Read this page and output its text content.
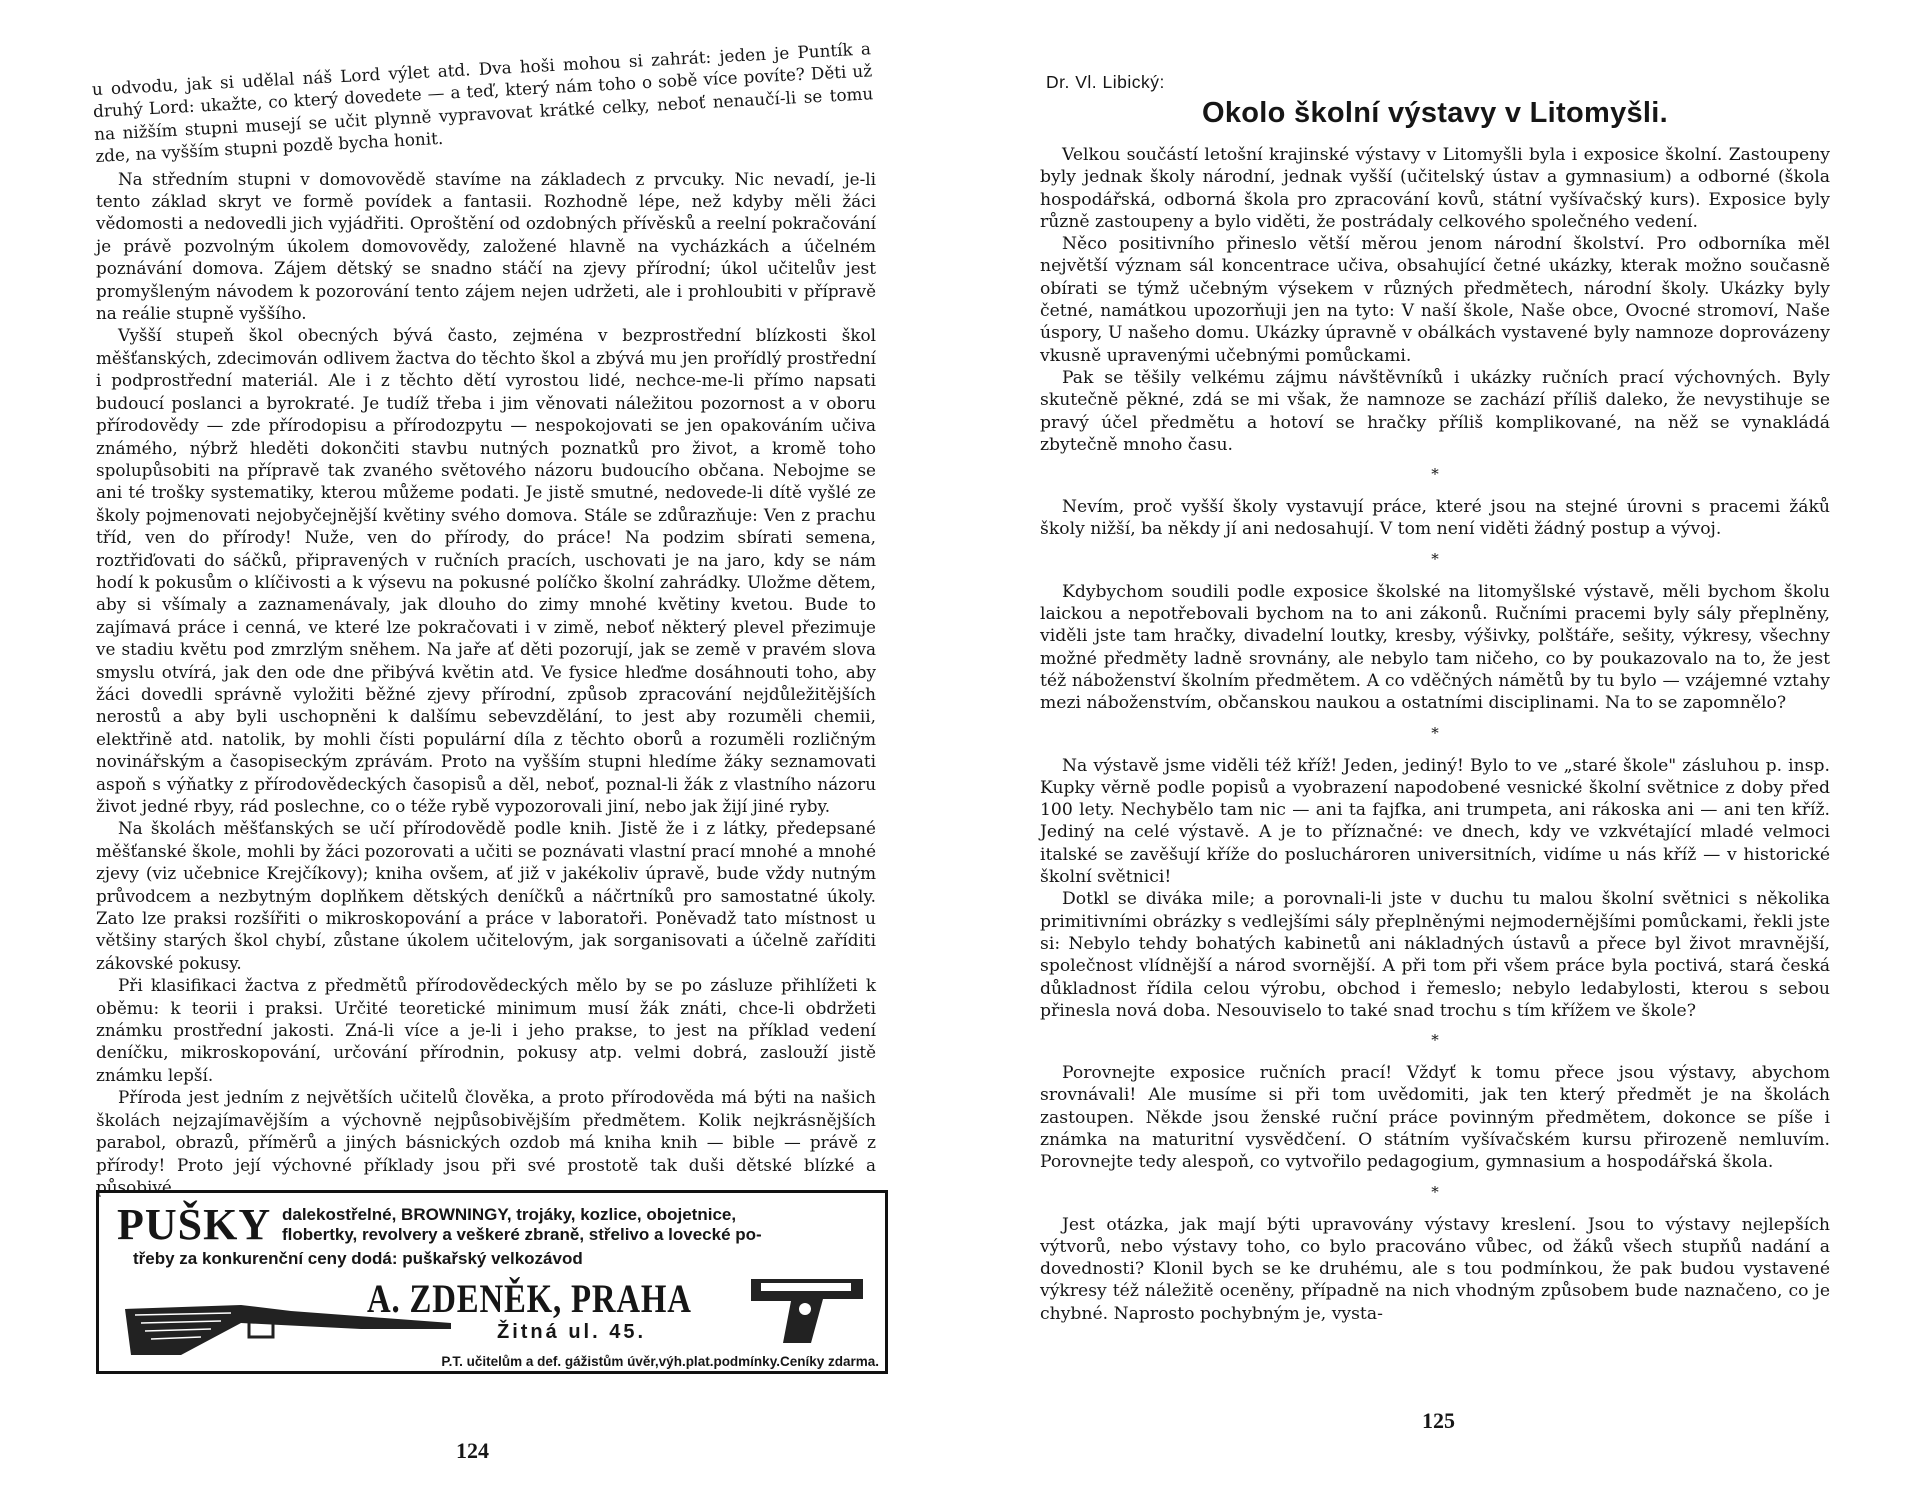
u odvodu, jak si udělal náš Lord výlet atd. Dva hoši mohou si zahrát: jeden je Puntík a druhý Lord: ukažte, co který dovedete — a teď, který nám toho o sobě více povíte? Děti už na nižším stupni musejí se učit plynně vypravovat krátké celky, neboť nenaučí-li se tomu zde, na vyšším stupni pozdě bycha honit.

Na středním stupni v domovovědě stavíme na základech z prvcuky. Nic nevadí, je-li tento základ skryt ve formě povídek a fantasii. Rozhodně lépe, než kdyby měli žáci vědomosti a nedovedli jich vyjádřiti. Oproštění od ozdobných přívěsků a reelní pokračování je právě pozvolným úkolem domovovědy, založené hlavně na vycházkách a účelném poznávání domova. Zájem dětský se snadno stáčí na zjevy přírodní; úkol učitelův jest promyšleným návodem k pozorování tento zájem nejen udržeti, ale i prohloubiti v přípravě na reálie stupně vyššího.

Vyšší stupeň škol obecných bývá často, zejména v bezprostřední blízkosti škol měšťanských, zdecimován odlivem žactva do těchto škol a zbývá mu jen prořídlý prostřední i podprostřední materiál. Ale i z těchto dětí vyrostou lidé, nechce-me-li přímo napsati budoucí poslanci a byrokraté. Je tudíž třeba i jim věnovati náležitou pozornost a v oboru přírodovědy — zde přírodopisu a přírodozpytu — nespokojovati se jen opakováním učiva známého, nýbrž hleděti dokončiti stavbu nutných poznatků pro život, a kromě toho spolupůsobiti na přípravě tak zvaného světového názoru budoucího občana. Nebojme se ani té trošky systematiky, kterou můžeme podati. Je jistě smutné, nedovede-li dítě vyšlé ze školy pojmenovati nejobyčejnější květiny svého domova. Stále se zdůrazňuje: Ven z prachu tříd, ven do přírody! Nuže, ven do přírody, do práce! Na podzim sbírati semena, roztřiďovati do sáčků, připravených v ručních pracích, uschovati je na jaro, kdy se nám hodí k pokusům o klíčivosti a k výsevu na pokusné políčko školní zahrádky. Uložme dětem, aby si všímaly a zaznamenávaly, jak dlouho do zimy mnohé květiny kvetou. Bude to zajímavá práce i cenná, ve které lze pokračovati i v zimě, neboť některý plevel přezimuje ve stadiu květu pod zmrzlým sněhem. Na jaře ať děti pozorují, jak se země v pravém slova smyslu otvírá, jak den ode dne přibývá květin atd. Ve fysice hleďme dosáhnouti toho, aby žáci dovedli správně vyložiti běžné zjevy přírodní, způsob zpracování nejdůležitějších nerostů a aby byli uschopněni k dalšímu sebevzdělání, to jest aby rozuměli chemii, elektřině atd. natolik, by mohli čísti populární díla z těchto oborů a rozuměli rozličným novinářským a časopiseckým zprávám. Proto na vyšším stupni hledíme žáky seznamovati aspoň s výňatky z přírodovědeckých časopisů a děl, neboť, poznal-li žák z vlastního názoru život jedné rbyy, rád poslechne, co o téže rybě vypozorovali jiní, nebo jak žijí jiné ryby.

Na školách měšťanských se učí přírodovědě podle knih. Jistě že i z látky, předepsané měšťanské škole, mohli by žáci pozorovati a učiti se poznávati vlastní prací mnohé a mnohé zjevy (viz učebnice Krejčíkovy); kniha ovšem, ať již v jakékoliv úpravě, bude vždy nutným průvodcem a nezbytným doplňkem dětských deníčků a náčrtníků pro samostatné úkoly. Zato lze praksi rozšířiti o mikroskopování a práce v laboratoři. Poněvadž tato místnost u většiny starých škol chybí, zůstane úkolem učitelovým, jak sorganisovati a účelně zaříditi zákovské pokusy.

Při klasifikaci žactva z předmětů přírodovědeckých mělo by se po zásluze přihlížeti k oběmu: k teorii i praksi. Určité teoretické minimum musí žák znáti, chce-li obdržeti známku prostřední jakosti. Zná-li více a je-li i jeho prakse, to jest na příklad vedení deníčku, mikroskopování, určování přírodnin, pokusy atp. velmi dobrá, zaslouží jistě známku lepší.

Příroda jest jedním z největších učitelů člověka, a proto přírodověda má býti na našich školách nejzajímavějším a výchovně nejpůsobivějším předmětem. Kolik nejkrásnějších parabol, obrazů, příměrů a jiných básnických ozdob má kniha knih — bible — právě z přírody! Proto její výchovné příklady jsou při své prostotě tak duši dětské blízké a působivé.

PUŠKY dalekostřelné, BROWNINGY, trojáky, kozlice, obojetnice,
flobertky, revolvery a veškeré zbraně, střelivo a lovecké po-
třeby za konkurenční ceny dodá: puškařský velkozávod
A. ZDENĚK, PRAHA
Žitná ul. 45.
P.T. učitelům a def. gážistům úvěr,výh.plat.podmínky.Ceníky zdarma.
124
Dr. Vl. Libický:
Okolo školní výstavy v Litomyšli.

Velkou součástí letošní krajinské výstavy v Litomyšli byla i exposice školní. Zastoupeny byly jednak školy národní, jednak vyšší (učitelský ústav a gymnasium) a odborné (škola hospodářská, odborná škola pro zpracování kovů, státní vyšívačský kurs). Exposice byly různě zastoupeny a bylo viděti, že postrádaly celkového společného vedení.

Něco positivního přineslo větší měrou jenom národní školství. Pro odborníka měl největší význam sál koncentrace učiva, obsahující četné ukázky, kterak možno současně obírati se týmž učebným výsekem v různých předmětech, národní školy. Ukázky byly četné, namátkou upozorňuji jen na tyto: V naší škole, Naše obce, Ovocné stromoví, Naše úspory, U našeho domu. Ukázky úpravně v obálkách vystavené byly namnoze doprovázeny vkusně upravenými učebnými pomůckami.

Pak se těšily velkému zájmu návštěvníků i ukázky ručních prací výchovných. Byly skutečně pěkné, zdá se mi však, že namnoze se zachází příliš daleko, že nevystihuje se pravý účel předmětu a hotoví se hračky příliš komplikované, na něž se vynakládá zbytečně mnoho času.

*

Nevím, proč vyšší školy vystavují práce, které jsou na stejné úrovni s pracemi žáků školy nižší, ba někdy jí ani nedosahují. V tom není viděti žádný postup a vývoj.

*

Kdybychom soudili podle exposice školské na litomyšlské výstavě, měli bychom školu laickou a nepotřebovali bychom na to ani zákonů. Ručními pracemi byly sály přeplněny, viděli jste tam hračky, divadelní loutky, kresby, výšivky, polštáře, sešity, výkresy, všechny možné předměty ladně srovnány, ale nebylo tam ničeho, co by poukazovalo na to, že jest též náboženství školním předmětem. A co vděčných námětů by tu bylo — vzájemné vztahy mezi náboženstvím, občanskou naukou a ostatními disciplinami. Na to se zapomnělo?

*

Na výstavě jsme viděli též kříž! Jeden, jediný! Bylo to ve „staré škole" zásluhou p. insp. Kupky věrně podle popisů a vyobrazení napodobené vesnické školní světnice z doby před 100 lety. Nechybělo tam nic — ani ta fajfka, ani trumpeta, ani rákoska ani — ani ten kříž. Jediný na celé výstavě. A je to příznačné: ve dnech, kdy ve vzkvétající mladé velmoci italské se zavěšují kříže do posluchároren universitních, vidíme u nás kříž — v historické školní světnici!

Dotkl se diváka mile; a porovnali-li jste v duchu tu malou školní světnici s několika primitivními obrázky s vedlejšími sály přeplněnými nejmodernějšími pomůckami, řekli jste si: Nebylo tehdy bohatých kabinetů ani nákladných ústavů a přece byl život mravnější, společnost vlídnější a národ svornější. A při tom při všem práce byla poctivá, stará česká důkladnost řídila celou výrobu, obchod i řemeslo; nebylo ledabylosti, kterou s sebou přinesla nová doba. Nesouviselo to také snad trochu s tím křížem ve škole?

*

Porovnejte exposice ručních prací! Vždyť k tomu přece jsou výstavy, abychom srovnávali! Ale musíme si při tom uvědomiti, jak ten který předmět je na školách zastoupen. Někde jsou ženské ruční práce povinným předmětem, dokonce se píše i známka na maturitní vysvědčení. O státním vyšívačském kursu přirozeně nemluvím. Porovnejte tedy alespoň, co vytvořilo pedagogium, gymnasium a hospodářská škola.

*

Jest otázka, jak mají býti upravovány výstavy kreslení. Jsou to výstavy nejlepších výtvorů, nebo výstavy toho, co bylo pracováno vůbec, od žáků všech stupňů nadání a dovednosti? Klonil bych se ke druhému, ale s tou podmínkou, že pak budou vystavené výkresy též náležitě oceněny, případně na nich vhodným způsobem bude naznačeno, co je chybné. Naprosto pochybným je, vysta-

125
